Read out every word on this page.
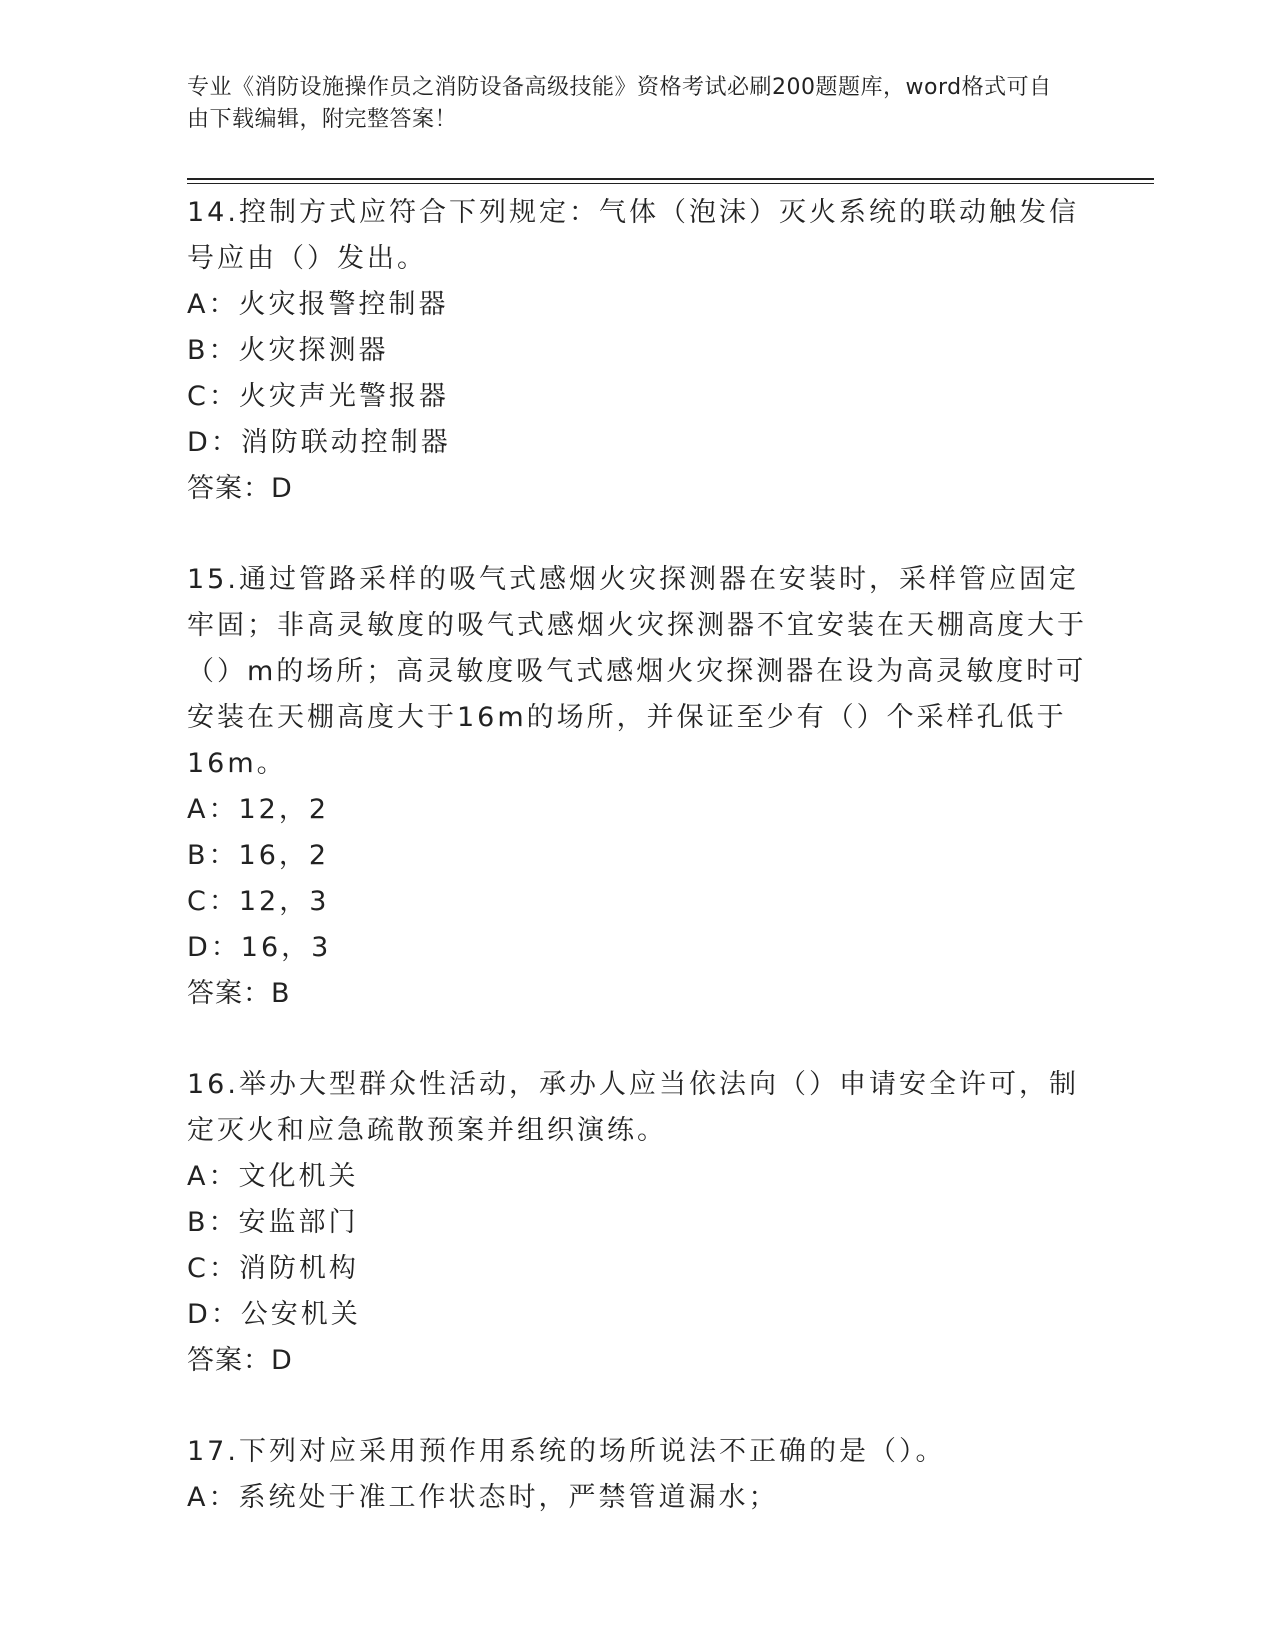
专业《消防设施操作员之消防设备高级技能》资格考试必刷200题题库，word格式可自由下载编辑，附完整答案！
14.控制方式应符合下列规定：气体（泡沫）灭火系统的联动触发信号应由（）发出。
A：火灾报警控制器
B：火灾探测器
C：火灾声光警报器
D：消防联动控制器
答案：D
15.通过管路采样的吸气式感烟火灾探测器在安装时，采样管应固定牢固；非高灵敏度的吸气式感烟火灾探测器不宜安装在天棚高度大于（）m的场所；高灵敏度吸气式感烟火灾探测器在设为高灵敏度时可安装在天棚高度大于16m的场所，并保证至少有（）个采样孔低于16m。
A：12，2
B：16，2
C：12，3
D：16，3
答案：B
16.举办大型群众性活动，承办人应当依法向（）申请安全许可，制定灭火和应急疏散预案并组织演练。
A：文化机关
B：安监部门
C：消防机构
D：公安机关
答案：D
17.下列对应采用预作用系统的场所说法不正确的是（）。
A：系统处于准工作状态时，严禁管道漏水；
